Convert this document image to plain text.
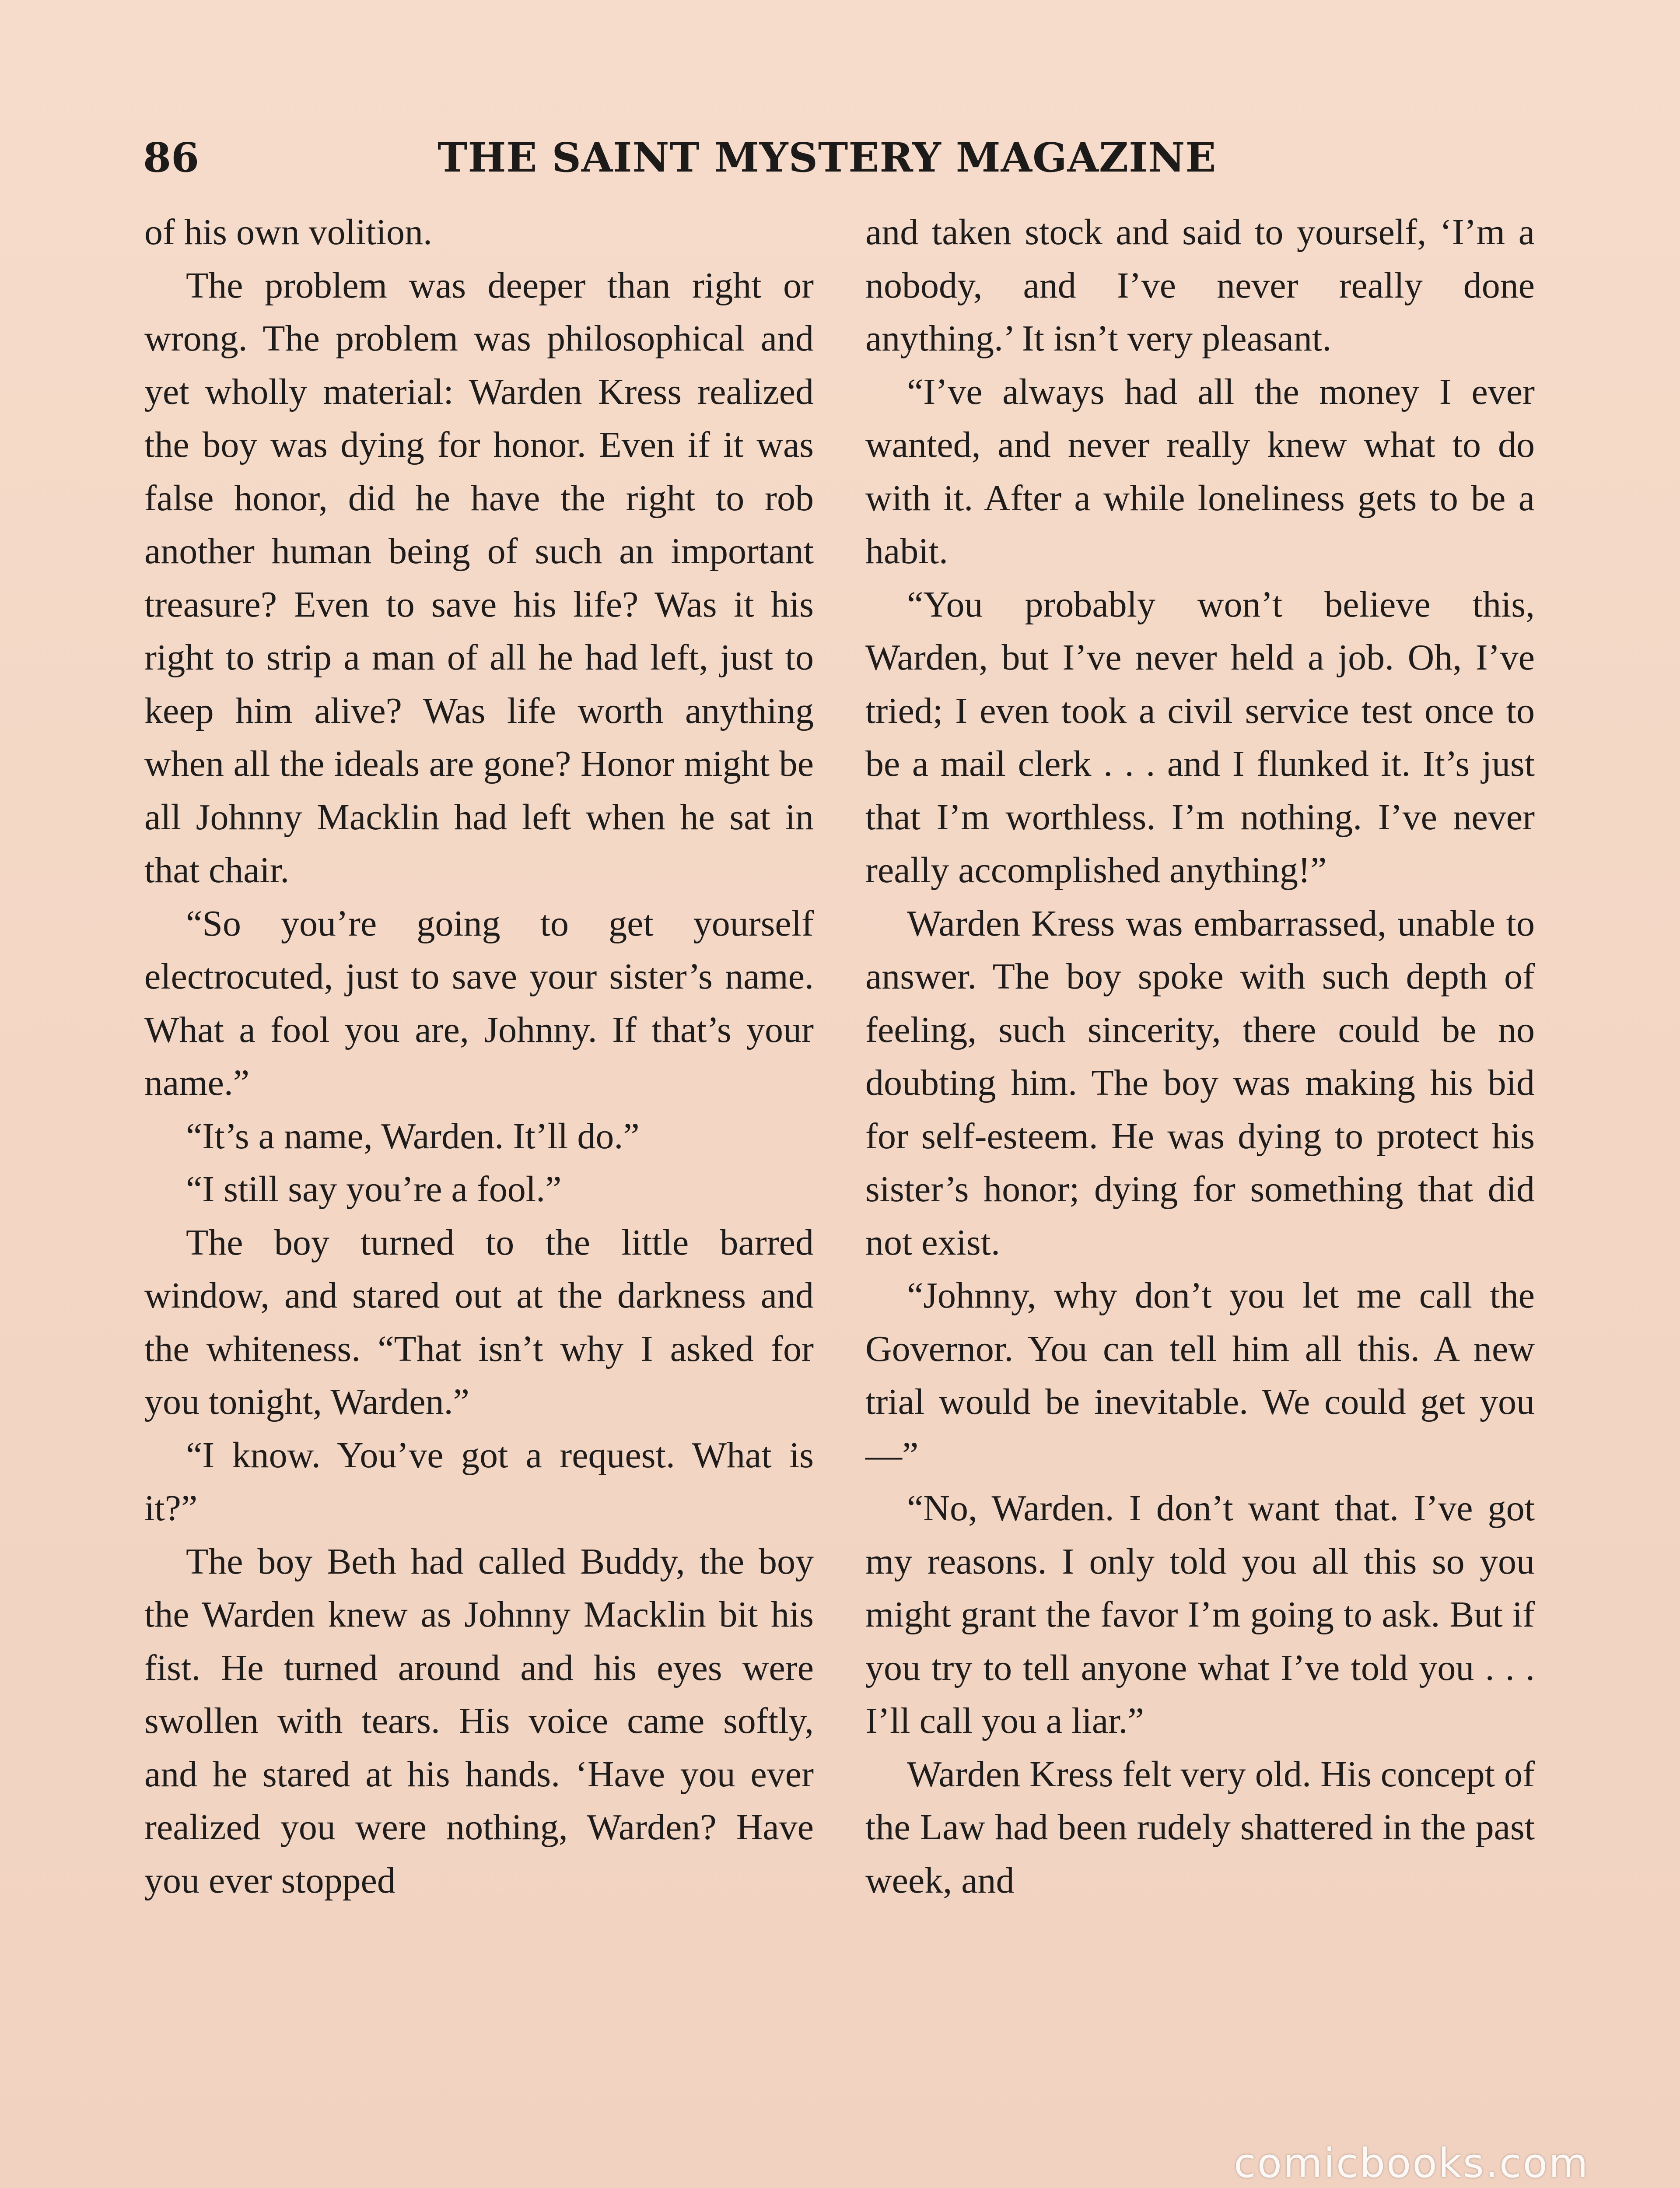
86	THE SAINT MYSTERY MAGAZINE

of his own volition.

The problem was deeper than right or wrong. The problem was philosophical and yet wholly material: Warden Kress realized the boy was dying for honor. Even if it was false honor, did he have the right to rob another human being of such an important treasure? Even to save his life? Was it his right to strip a man of all he had left, just to keep him alive? Was life worth anything when all the ideals are gone? Honor might be all Johnny Macklin had left when he sat in that chair.

“So you’re going to get yourself electrocuted, just to save your sister’s name. What a fool you are, Johnny. If that’s your name.”

“It’s a name, Warden. It’ll do.”

“I still say you’re a fool.”

The boy turned to the little barred window, and stared out at the darkness and the whiteness. “That isn’t why I asked for you tonight, Warden.”

“I know. You’ve got a request. What is it?”

The boy Beth had called Buddy, the boy the Warden knew as Johnny Macklin bit his fist. He turned around and his eyes were swollen with tears. His voice came softly, and he stared at his hands. ‘Have you ever realized you were nothing, Warden? Have you ever stopped

and taken stock and said to yourself, ‘I’m a nobody, and I’ve never really done anything.’ It isn’t very pleasant.

“I’ve always had all the money I ever wanted, and never really knew what to do with it. After a while loneliness gets to be a habit.

“You probably won’t believe this, Warden, but I’ve never held a job. Oh, I’ve tried; I even took a civil service test once to be a mail clerk . . . and I flunked it. It’s just that I’m worthless. I’m nothing. I’ve never really accomplished anything!”

Warden Kress was embarrassed, unable to answer. The boy spoke with such depth of feeling, such sincerity, there could be no doubting him. The boy was making his bid for self-esteem. He was dying to protect his sister’s honor; dying for something that did not exist.

“Johnny, why don’t you let me call the Governor. You can tell him all this. A new trial would be inevitable. We could get you—”

“No, Warden. I don’t want that. I’ve got my reasons. I only told you all this so you might grant the favor I’m going to ask. But if you try to tell anyone what I’ve told you . . . I’ll call you a liar.”

Warden Kress felt very old. His concept of the Law had been rudely shattered in the past week, and

comicbooks.com
